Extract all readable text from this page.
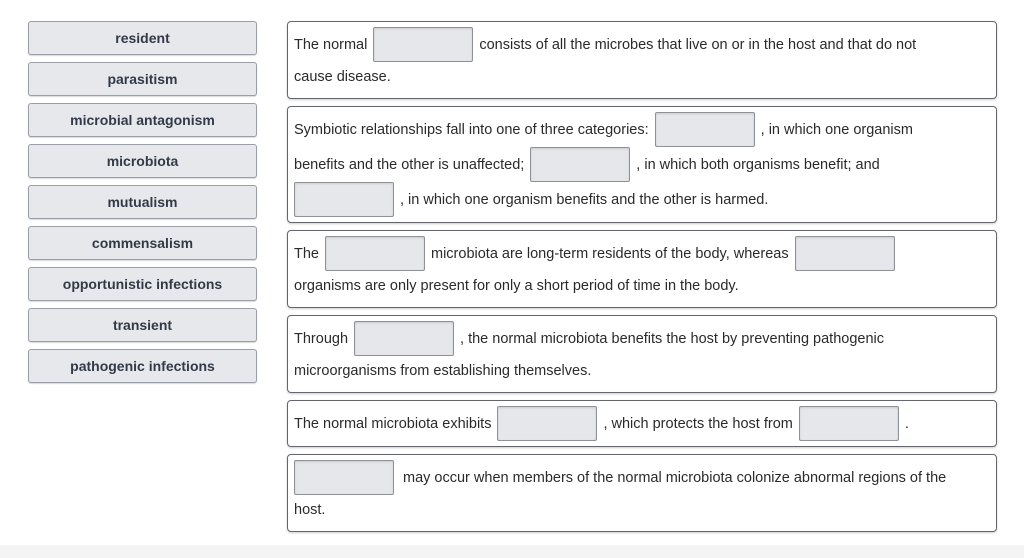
resident
parasitism
microbial antagonism
microbiota
mutualism
commensalism
opportunistic infections
transient
pathogenic infections
The normal	consists of all the microbes that live on or in the host and that do not
cause disease.
Symbiotic relationships fall into one of three categories:	, in which one organism
benefits and the other is unaffected;	, in which both organisms benefit; and
, in which one organism benefits and the other is harmed.
The	microbiota are long-term residents of the body, whereas
organisms are only present for only a short period of time in the body.
Through	, the normal microbiota benefits the host by preventing pathogenic
microorganisms from establishing themselves.
The normal microbiota exhibits	, which protects the host from	.
may occur when members of the normal microbiota colonize abnormal regions of the
host.
